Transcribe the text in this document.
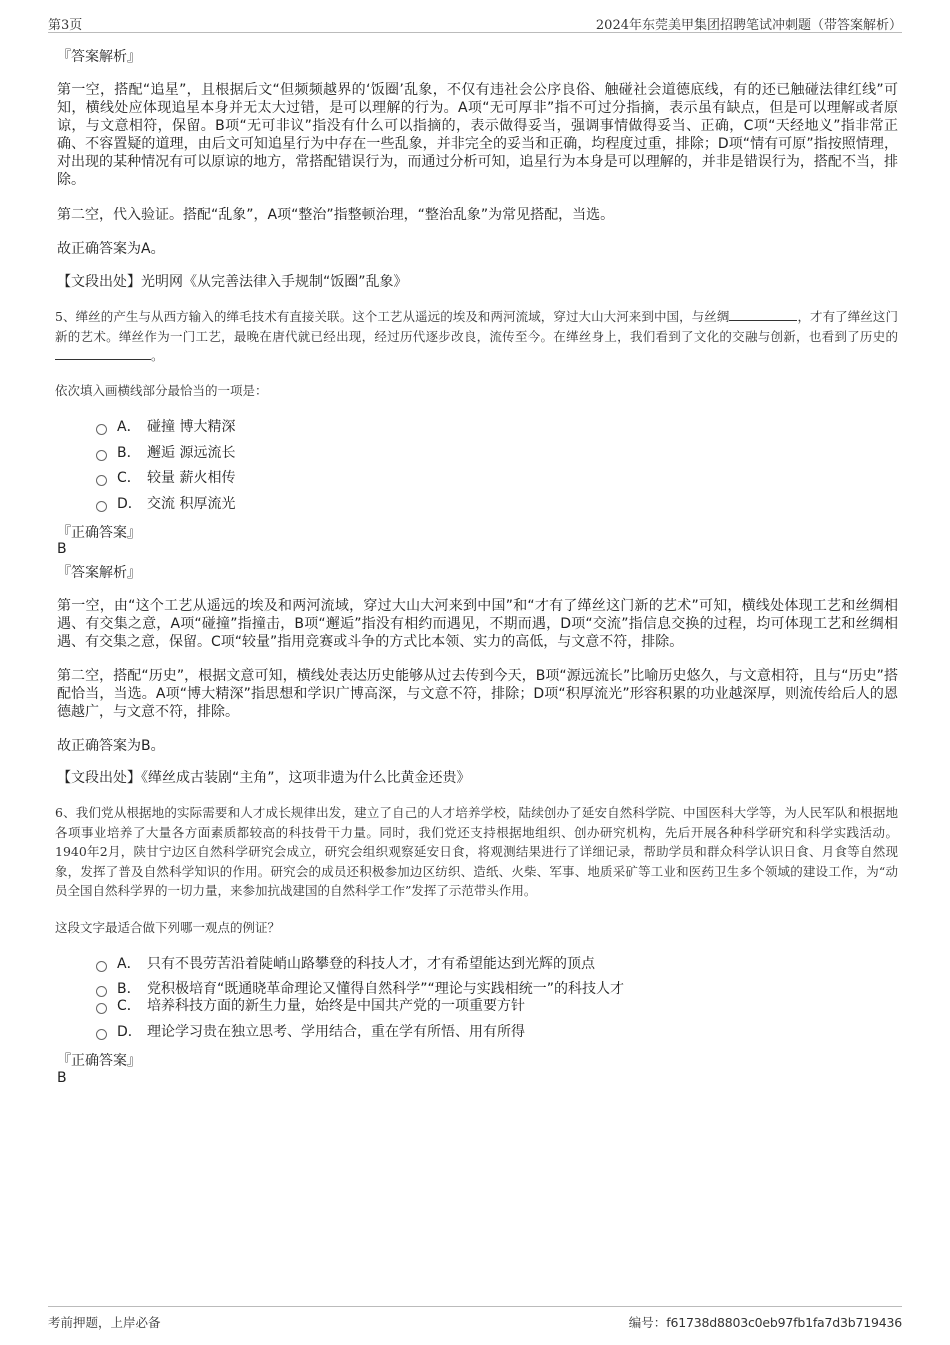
第3页	2024年东莞美甲集团招聘笔试冲刺题（带答案解析）
『答案解析』
第一空，搭配“追星”，且根据后文“但频频越界的‘饭圈’乱象，不仅有违社会公序良俗、触碰社会道德底线，有的还已触碰法律红线”可知，横线处应体现追星本身并无太大过错，是可以理解的行为。A项“无可厚非”指不可过分指摘，表示虽有缺点，但是可以理解或者原谅，与文意相符，保留。B项“无可非议”指没有什么可以指摘的，表示做得妥当，强调事情做得妥当、正确，C项“天经地义”指非常正确、不容置疑的道理，由后文可知追星行为中存在一些乱象，并非完全的妥当和正确，均程度过重，排除；D项“情有可原”指按照情理，对出现的某种情况有可以原谅的地方，常搭配错误行为，而通过分析可知，追星行为本身是可以理解的，并非是错误行为，搭配不当，排除。
第二空，代入验证。搭配“乱象”，A项“整治”指整顿治理，“整治乱象”为常见搭配，当选。
故正确答案为A。
【文段出处】光明网《从完善法律入手规制“饭圈”乱象》
5、缂丝的产生与从西方输入的缂毛技术有直接关联。这个工艺从遥远的埃及和两河流域，穿过大山大河来到中国，与丝绸	，才有了缂丝这门新的艺术。缂丝作为一门工艺，最晚在唐代就已经出现，经过历代逐步改良，流传至今。在缂丝身上，我们看到了文化的交融与创新，也看到了历史的。
依次填入画横线部分最恰当的一项是：
A． 碰撞 博大精深
B． 邂逅 源远流长
C． 较量 薪火相传
D． 交流 积厚流光
『正确答案』
B
『答案解析』
第一空，由“这个工艺从遥远的埃及和两河流域，穿过大山大河来到中国”和“才有了缂丝这门新的艺术”可知，横线处体现工艺和丝绸相遇、有交集之意，A项“碰撞”指撞击，B项“邂逅”指没有相约而遇见，不期而遇，D项“交流”指信息交换的过程，均可体现工艺和丝绸相遇、有交集之意，保留。C项“较量”指用竞赛或斗争的方式比本领、实力的高低，与文意不符，排除。
第二空，搭配“历史”，根据文意可知，横线处表达历史能够从过去传到今天，B项“源远流长”比喻历史悠久，与文意相符，且与“历史”搭配恰当，当选。A项“博大精深”指思想和学识广博高深，与文意不符，排除；D项“积厚流光”形容积累的功业越深厚，则流传给后人的恩德越广，与文意不符，排除。
故正确答案为B。
【文段出处】《缂丝成古装剧“主角”，这项非遗为什么比黄金还贵》
6、我们党从根据地的实际需要和人才成长规律出发，建立了自己的人才培养学校，陆续创办了延安自然科学院、中国医科大学等，为人民军队和根据地各项事业培养了大量各方面素质都较高的科技骨干力量。同时，我们党还支持根据地组织、创办研究机构，先后开展各种科学研究和科学实践活动。1940年2月，陕甘宁边区自然科学研究会成立，研究会组织观察延安日食，将观测结果进行了详细记录，帮助学员和群众科学认识日食、月食等自然现象，发挥了普及自然科学知识的作用。研究会的成员还积极参加边区纺织、造纸、火柴、军事、地质采矿等工业和医药卫生多个领域的建设工作，为“动员全国自然科学界的一切力量，来参加抗战建国的自然科学工作”发挥了示范带头作用。
这段文字最适合做下列哪一观点的例证？
A． 只有不畏劳苦沿着陡峭山路攀登的科技人才，才有希望能达到光辉的顶点
B． 党积极培育“既通晓革命理论又懂得自然科学”“理论与实践相统一”的科技人才
C． 培养科技方面的新生力量，始终是中国共产党的一项重要方针
D． 理论学习贵在独立思考、学用结合，重在学有所悟、用有所得
『正确答案』
B
考前押题，上岸必备	编号：f61738d8803c0eb97fb1fa7d3b719436
